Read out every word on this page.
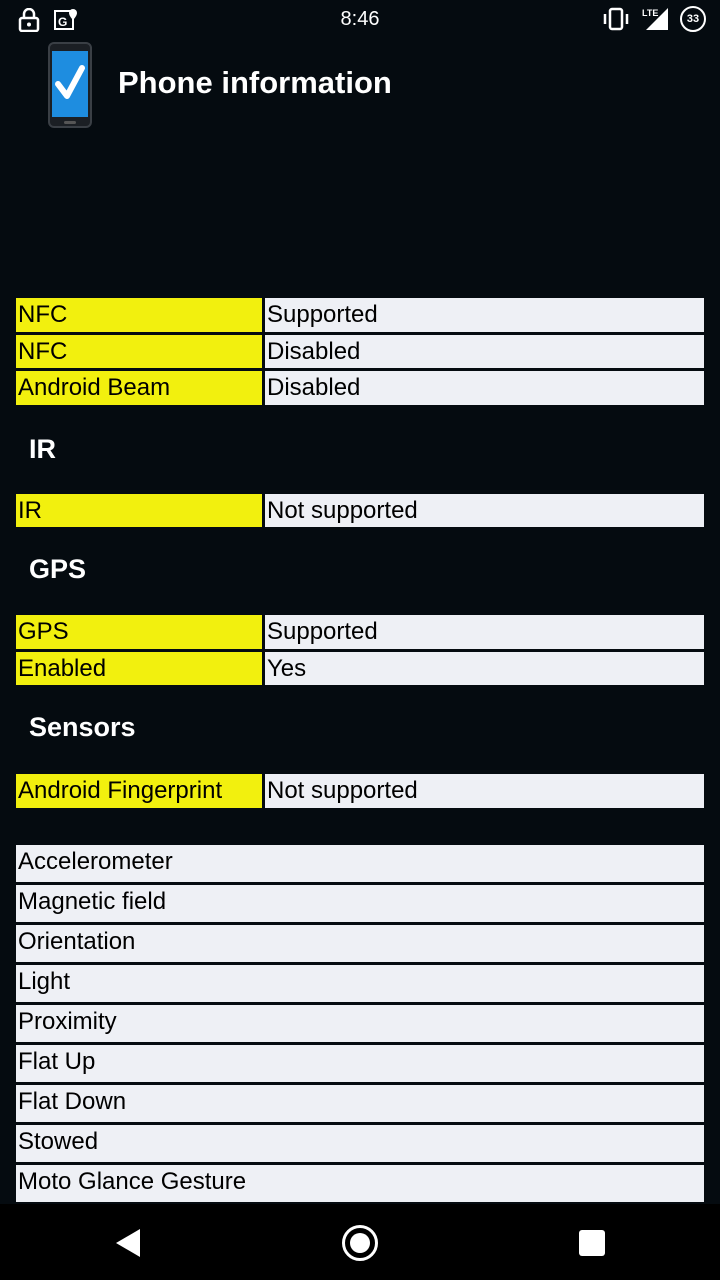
G	8:46	LTE	33
Phone information
NFC	Supported
NFC	Disabled
Android Beam	Disabled
IR
IR	Not supported
GPS
GPS	Supported
Enabled	Yes
Sensors
Android Fingerprint	Not supported
Accelerometer
Magnetic field
Orientation
Light
Proximity
Flat Up
Flat Down
Stowed
Moto Glance Gesture
